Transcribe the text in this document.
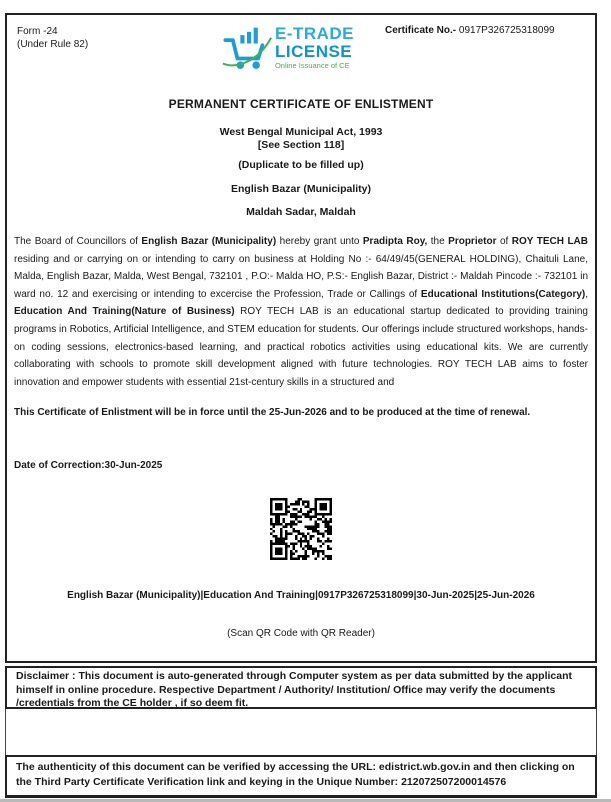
Form -24
(Under Rule 82)
E-TRADE
LICENSE
Online Issuance of CE
Certificate No.- 0917P326725318099
PERMANENT CERTIFICATE OF ENLISTMENT
West Bengal Municipal Act, 1993
[See Section 118]
(Duplicate to be filled up)
English Bazar (Municipality)
Maldah Sadar, Maldah
The Board of Councillors of English Bazar (Municipality) hereby grant unto Pradipta Roy, the Proprietor of ROY TECH LAB residing and or carrying on or intending to carry on business at Holding No :- 64/49/45(GENERAL HOLDING), Chaituli Lane, Malda, English Bazar, Malda, West Bengal, 732101 , P.O:- Malda HO, P.S:- English Bazar, District :- Maldah Pincode :- 732101 in ward no. 12 and exercising or intending to excercise the Profession, Trade or Callings of Educational Institutions(Category), Education And Training(Nature of Business) ROY TECH LAB is an educational startup dedicated to providing training programs in Robotics, Artificial Intelligence, and STEM education for students. Our offerings include structured workshops, hands-on coding sessions, electronics-based learning, and practical robotics activities using educational kits. We are currently collaborating with schools to promote skill development aligned with future technologies. ROY TECH LAB aims to foster innovation and empower students with essential 21st-century skills in a structured and
This Certificate of Enlistment will be in force until the 25-Jun-2026 and to be produced at the time of renewal.
Date of Correction:30-Jun-2025
English Bazar (Municipality)|Education And Training|0917P326725318099|30-Jun-2025|25-Jun-2026
(Scan QR Code with QR Reader)
Disclaimer : This document is auto-generated through Computer system as per data submitted by the applicant himself in online procedure. Respective Department / Authority/ Institution/ Office may verify the documents /credentials from the CE holder , if so deem fit.
The authenticity of this document can be verified by accessing the URL: edistrict.wb.gov.in and then clicking on the Third Party Certificate Verification link and keying in the Unique Number: 212072507200014576
